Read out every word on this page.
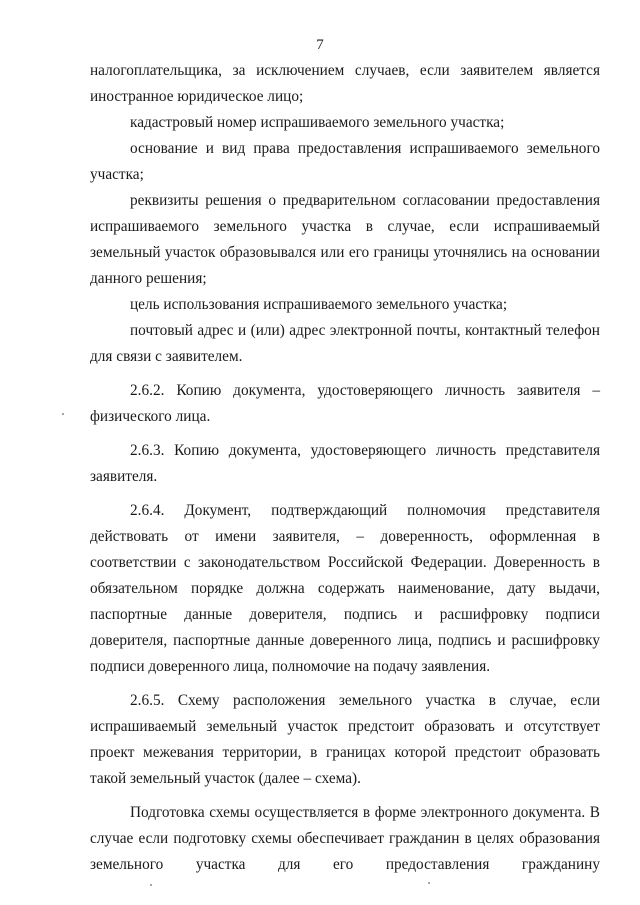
7

налогоплательщика, за исключением случаев, если заявителем является иностранное юридическое лицо;

кадастровый номер испрашиваемого земельного участка;

основание и вид права предоставления испрашиваемого земельного участка;

реквизиты решения о предварительном согласовании предоставления испрашиваемого земельного участка в случае, если испрашиваемый земельный участок образовывался или его границы уточнялись на основании данного решения;

цель использования испрашиваемого земельного участка;

почтовый адрес и (или) адрес электронной почты, контактный телефон для связи с заявителем.

2.6.2. Копию документа, удостоверяющего личность заявителя – физического лица.

2.6.3. Копию документа, удостоверяющего личность представителя заявителя.

2.6.4. Документ, подтверждающий полномочия представителя действовать от имени заявителя, – доверенность, оформленная в соответствии с законодательством Российской Федерации. Доверенность в обязательном порядке должна содержать наименование, дату выдачи, паспортные данные доверителя, подпись и расшифровку подписи доверителя, паспортные данные доверенного лица, подпись и расшифровку подписи доверенного лица, полномочие на подачу заявления.

2.6.5. Схему расположения земельного участка в случае, если испрашиваемый земельный участок предстоит образовать и отсутствует проект межевания территории, в границах которой предстоит образовать такой земельный участок (далее – схема).

Подготовка схемы осуществляется в форме электронного документа. В случае если подготовку схемы обеспечивает гражданин в целях образования земельного участка для его предоставления гражданину
